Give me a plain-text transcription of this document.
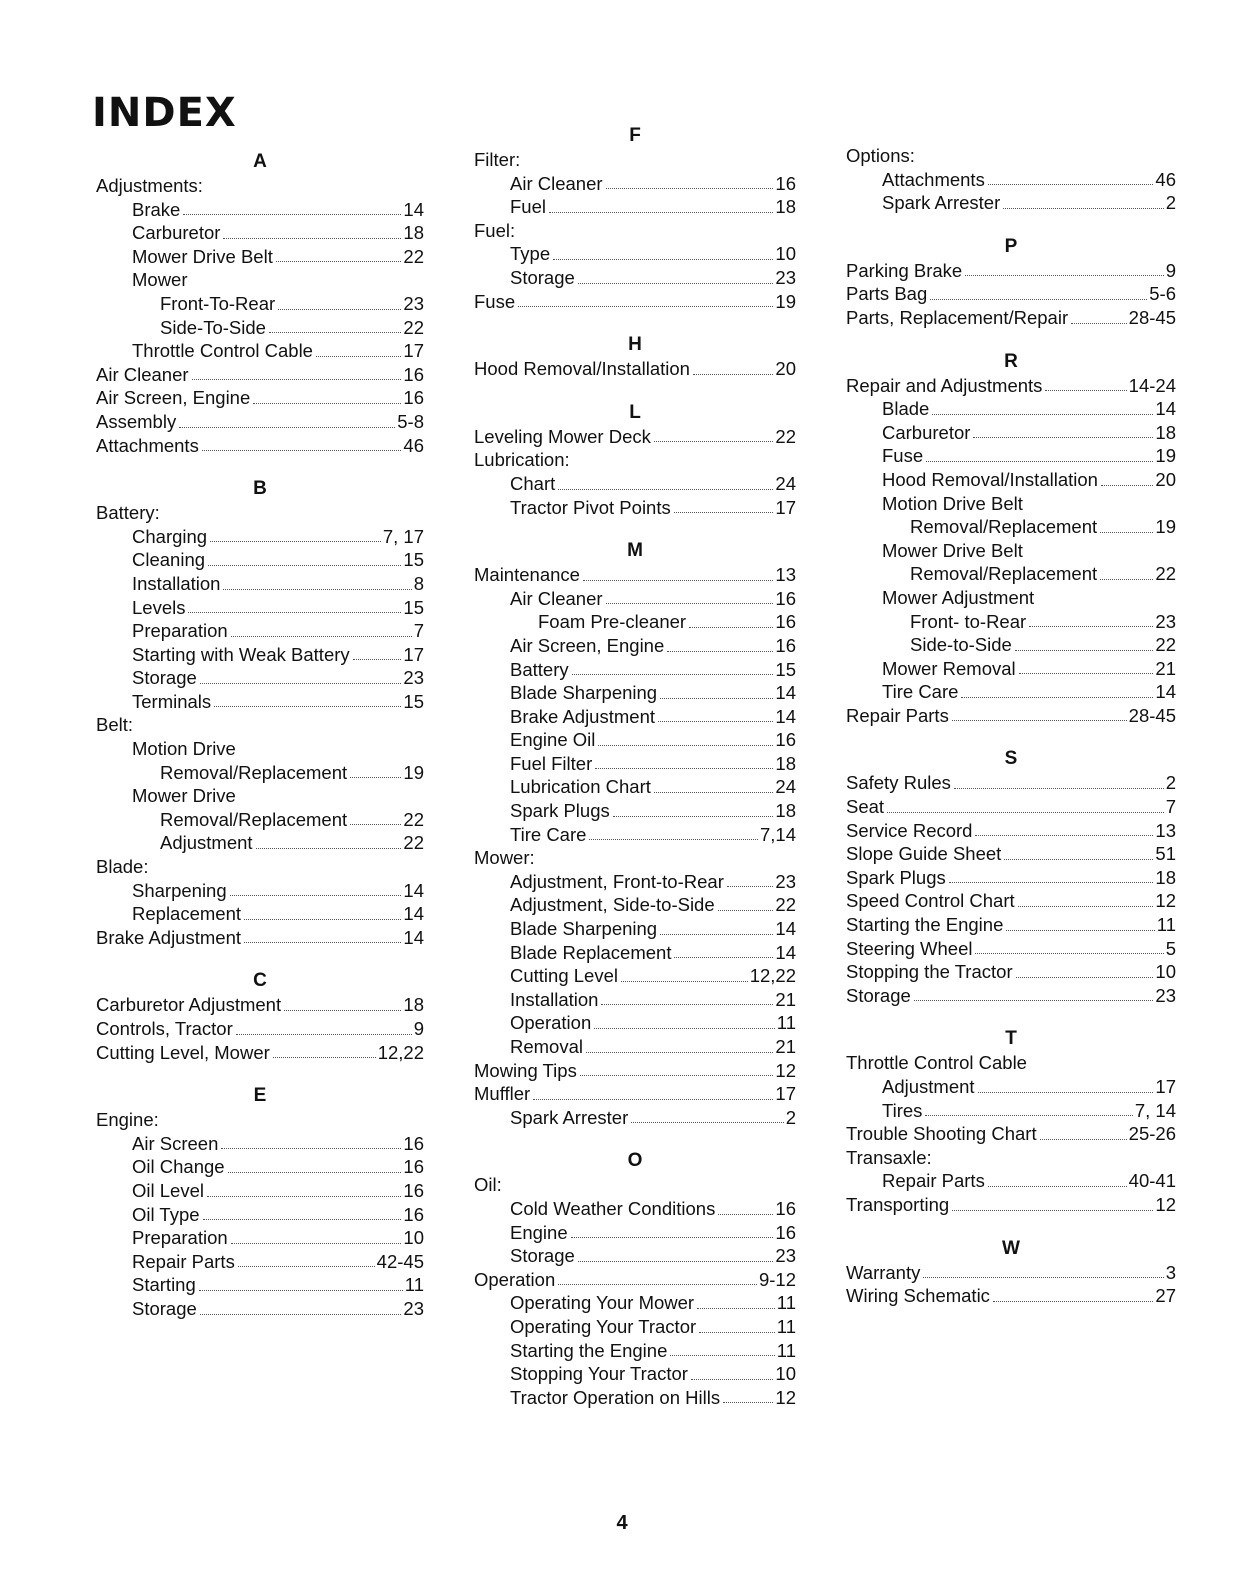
INDEX
A
Adjustments:
Brake	14
Carburetor	18
Mower Drive Belt	22
Mower
Front-To-Rear	23
Side-To-Side	22
Throttle Control Cable	17
Air Cleaner	16
Air Screen, Engine	16
Assembly	5-8
Attachments	46
B
Battery:
Charging	7, 17
Cleaning	15
Installation	8
Levels	15
Preparation	7
Starting with Weak Battery	17
Storage	23
Terminals	15
Belt:
Motion Drive
Removal/Replacement	19
Mower Drive
Removal/Replacement	22
Adjustment	22
Blade:
Sharpening	14
Replacement	14
Brake Adjustment	14
C
Carburetor Adjustment	18
Controls, Tractor	9
Cutting Level, Mower	12,22
E
Engine:
Air Screen	16
Oil Change	16
Oil Level	16
Oil Type	16
Preparation	10
Repair Parts	42-45
Starting	11
Storage	23
F
Filter:
Air Cleaner	16
Fuel	18
Fuel:
Type	10
Storage	23
Fuse	19
H
Hood Removal/Installation	20
L
Leveling Mower Deck	22
Lubrication:
Chart	24
Tractor Pivot Points	17
M
Maintenance	13
Air Cleaner	16
Foam Pre-cleaner	16
Air Screen, Engine	16
Battery	15
Blade Sharpening	14
Brake Adjustment	14
Engine Oil	16
Fuel Filter	18
Lubrication Chart	24
Spark Plugs	18
Tire Care	7,14
Mower:
Adjustment, Front-to-Rear	23
Adjustment, Side-to-Side	22
Blade Sharpening	14
Blade Replacement	14
Cutting Level	12,22
Installation	21
Operation	11
Removal	21
Mowing Tips	12
Muffler	17
Spark Arrester	2
O
Oil:
Cold Weather Conditions	16
Engine	16
Storage	23
Operation	9-12
Operating Your Mower	11
Operating Your Tractor	11
Starting the Engine	11
Stopping Your Tractor	10
Tractor Operation on Hills	12
Options:
Attachments	46
Spark Arrester	2
P
Parking Brake	9
Parts Bag	5-6
Parts, Replacement/Repair	28-45
R
Repair and Adjustments	14-24
Blade	14
Carburetor	18
Fuse	19
Hood Removal/Installation	20
Motion Drive Belt
Removal/Replacement	19
Mower Drive Belt
Removal/Replacement	22
Mower Adjustment
Front- to-Rear	23
Side-to-Side	22
Mower Removal	21
Tire Care	14
Repair Parts	28-45
S
Safety Rules	2
Seat	7
Service Record	13
Slope Guide Sheet	51
Spark Plugs	18
Speed Control Chart	12
Starting the Engine	11
Steering Wheel	5
Stopping the Tractor	10
Storage	23
T
Throttle Control Cable
Adjustment	17
Tires	7, 14
Trouble Shooting Chart	25-26
Transaxle:
Repair Parts	40-41
Transporting	12
W
Warranty	3
Wiring Schematic	27
4
